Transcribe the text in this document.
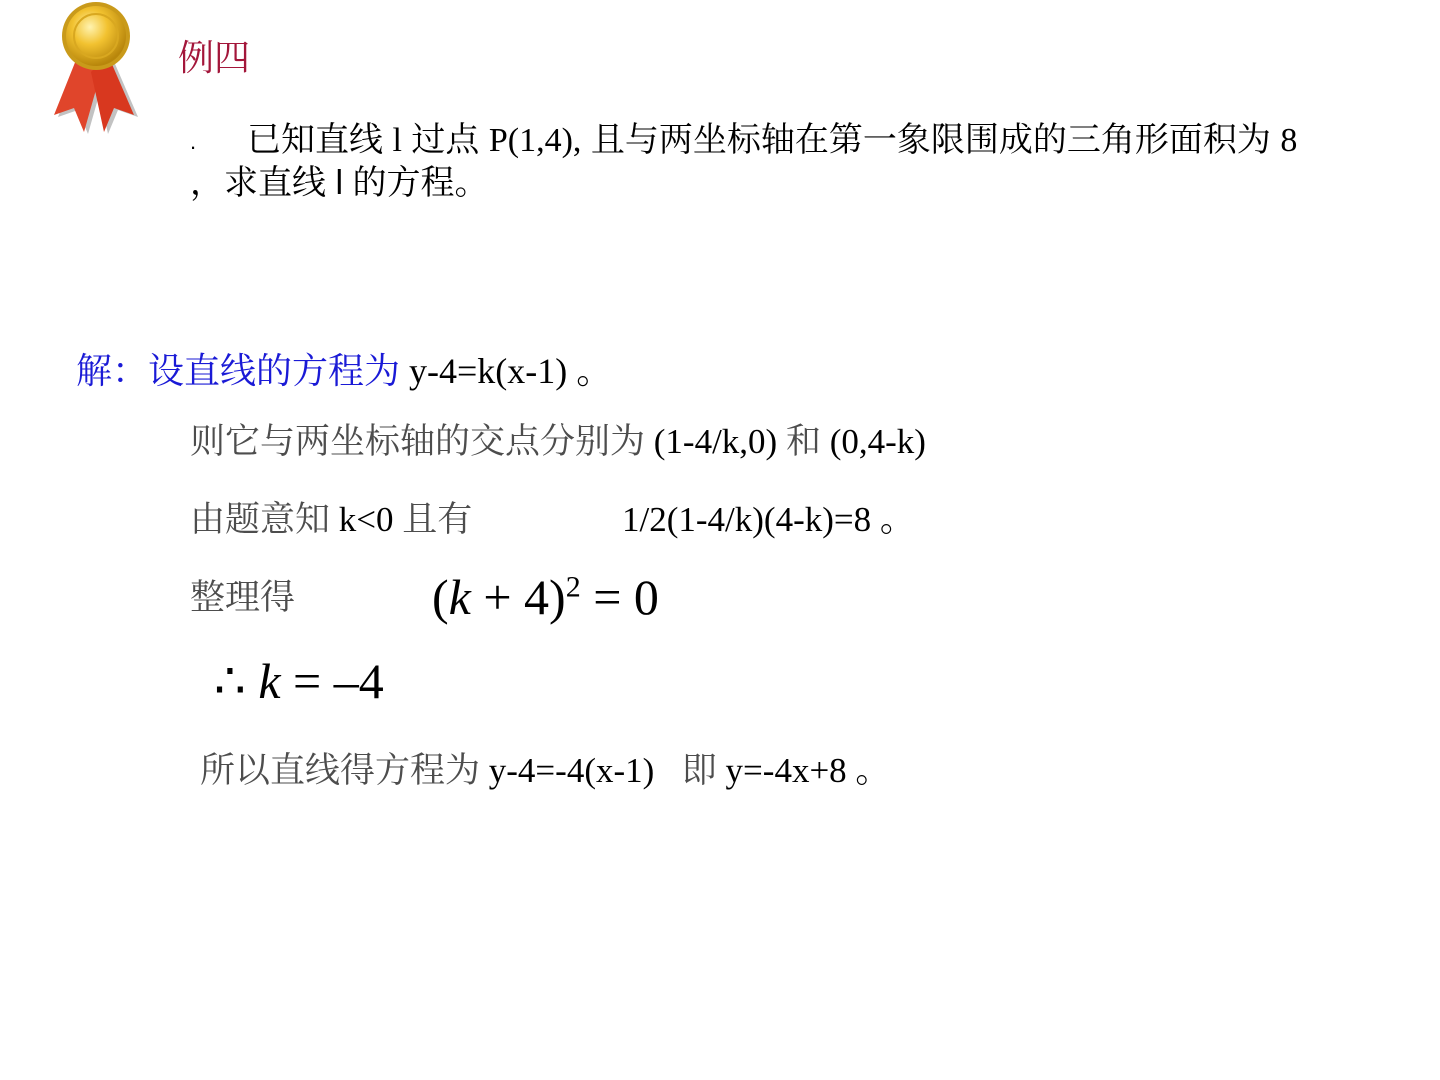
例四
. 已知直线 l 过点 P(1,4), 且与两坐标轴在第一象限围成的三角形面积为 8
，求直线 l 的方程。
解：设直线的方程为 y-4=k(x-1) 。
则它与两坐标轴的交点分别为 (1-4/k,0) 和 (0,4-k)
由题意知 k<0 且有	1/2(1-4/k)(4-k)=8 。
整理得	$(k + 4)^2 = 0$
∴ k = –4
所以直线得方程为 y-4=-4(x-1) 即 y=-4x+8 。
